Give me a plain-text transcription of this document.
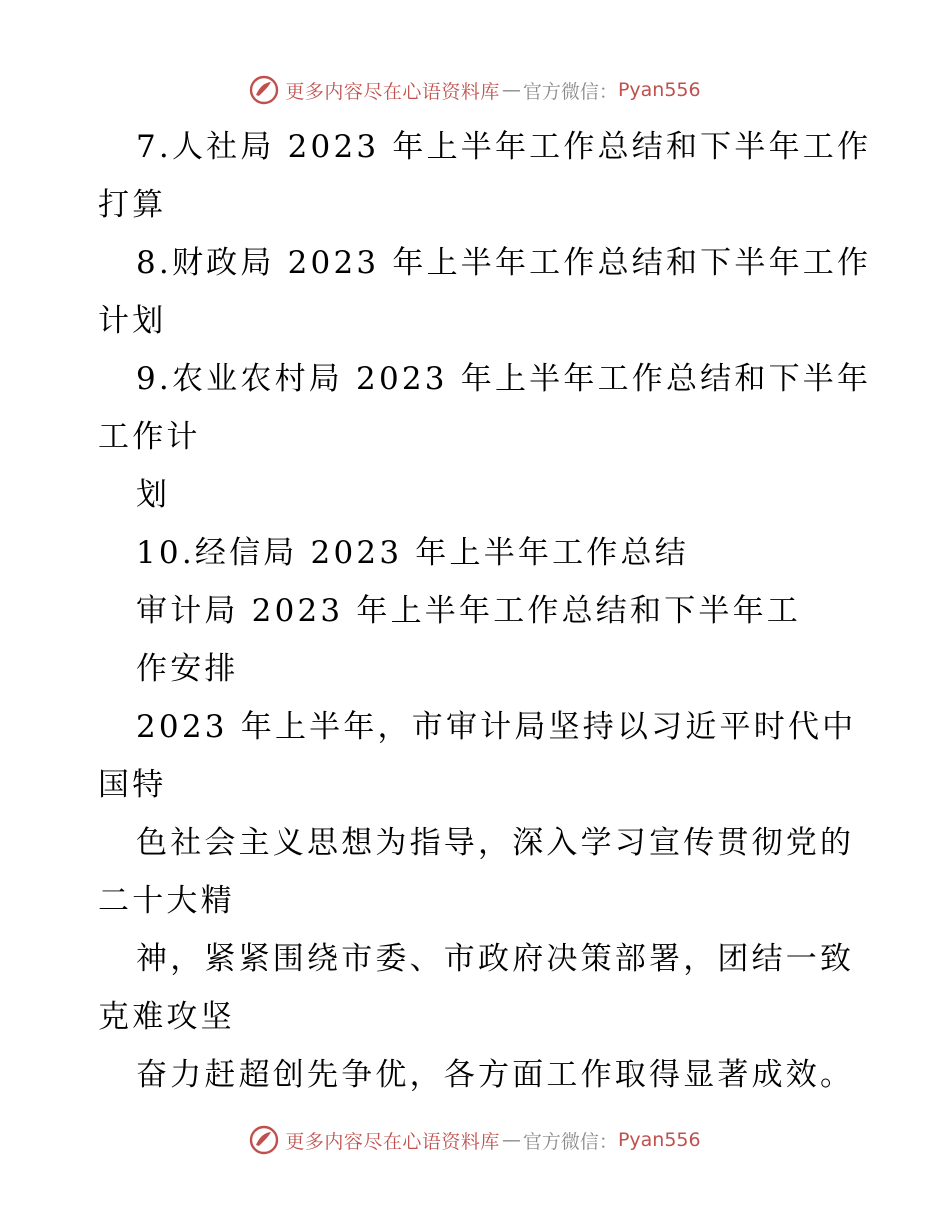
更多内容尽在心语资料库 — 官方微信： Pyan556
7.人社局 2023 年上半年工作总结和下半年工作
打算
8.财政局 2023 年上半年工作总结和下半年工作
计划
9.农业农村局 2023 年上半年工作总结和下半年
工作计
划
10.经信局 2023 年上半年工作总结
审计局 2023 年上半年工作总结和下半年工
作安排
2023 年上半年，市审计局坚持以习近平时代中
国特
色社会主义思想为指导，深入学习宣传贯彻党的
二十大精
神，紧紧围绕市委、市政府决策部署，团结一致
克难攻坚
奋力赶超创先争优，各方面工作取得显著成效。
更多内容尽在心语资料库 — 官方微信： Pyan556
